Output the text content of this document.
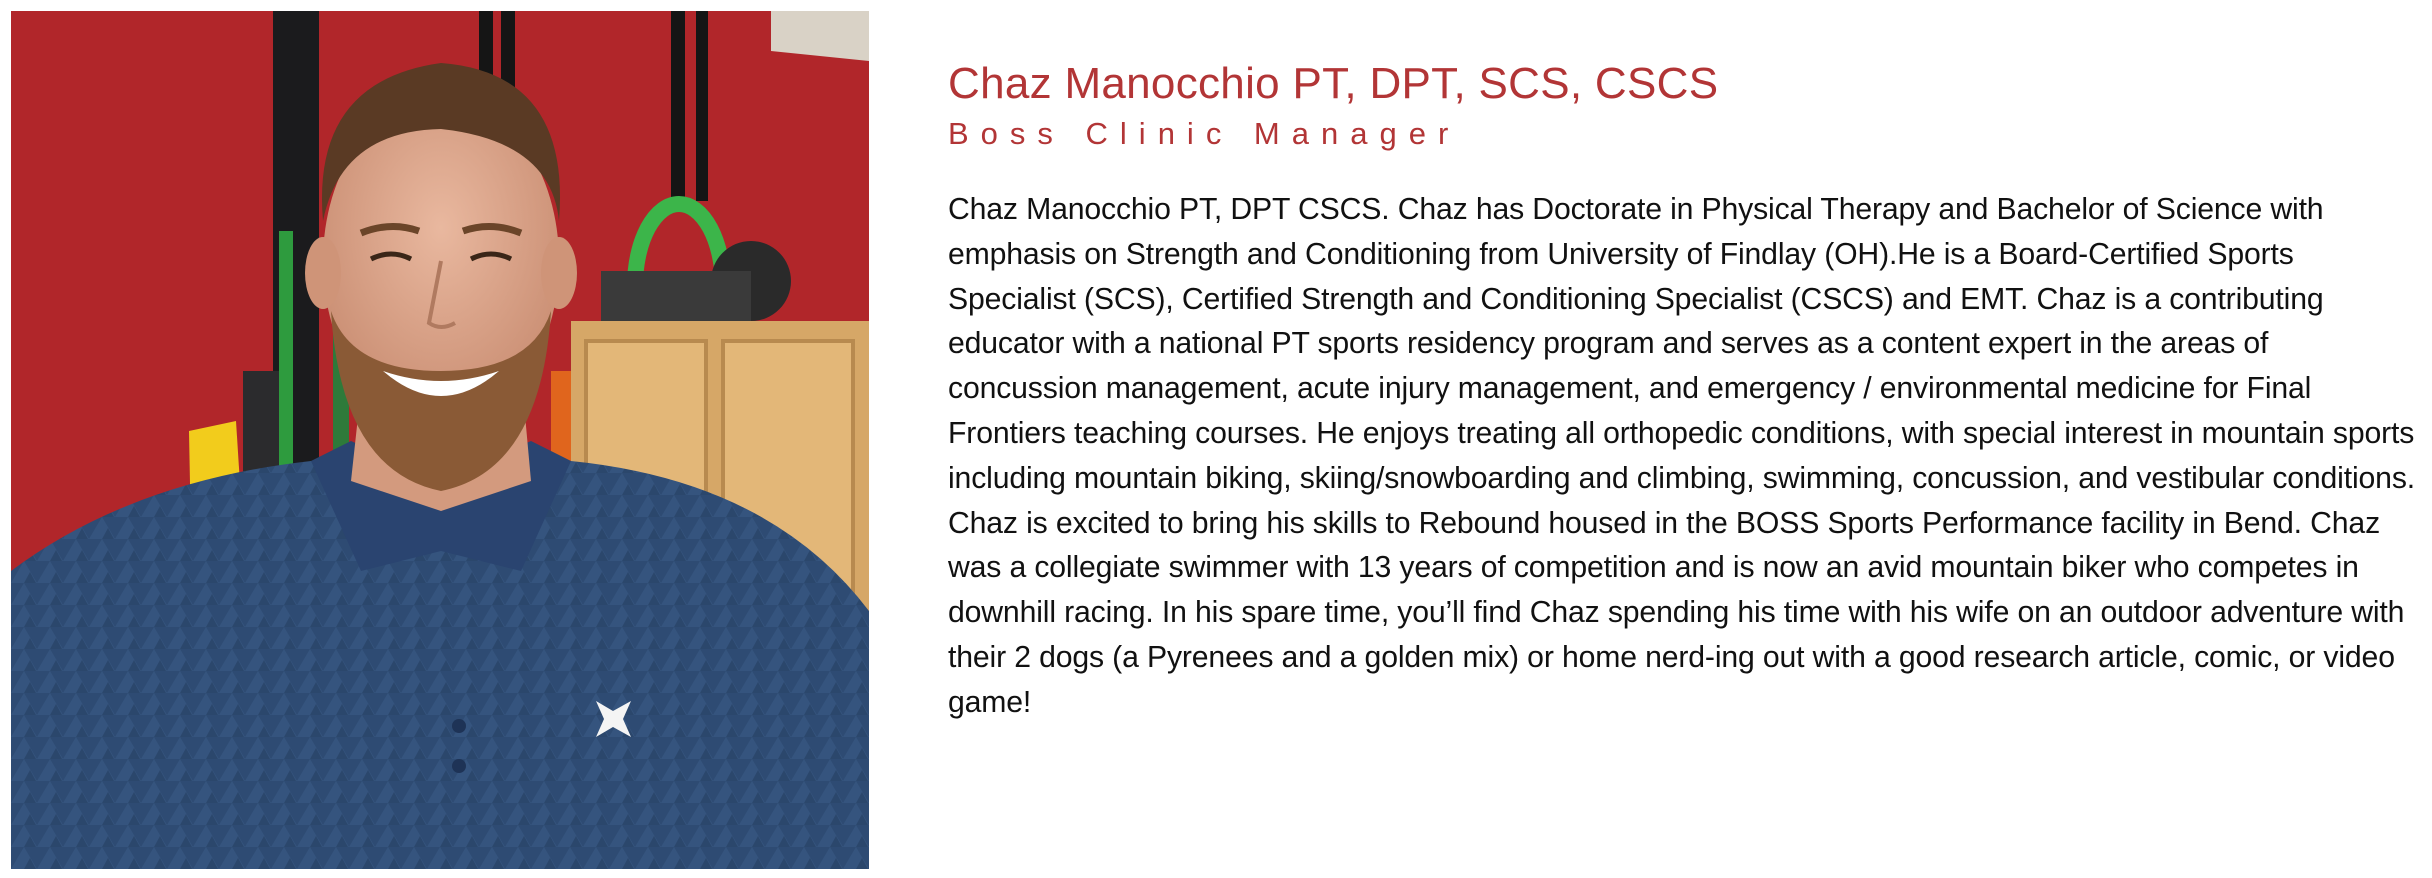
Chaz Manocchio PT, DPT, SCS, CSCS
Boss Clinic Manager

Chaz Manocchio PT, DPT CSCS. Chaz has Doctorate in Physical Therapy and Bachelor of Science with emphasis on Strength and Conditioning from University of Findlay (OH).He is a Board-Certified Sports Specialist (SCS), Certified Strength and Conditioning Specialist (CSCS) and EMT. Chaz is a contributing educator with a national PT sports residency program and serves as a content expert in the areas of concussion management, acute injury management, and emergency / environmental medicine for Final Frontiers teaching courses. He enjoys treating all orthopedic conditions, with special interest in mountain sports including mountain biking, skiing/snowboarding and climbing, swimming, concussion, and vestibular conditions. Chaz is excited to bring his skills to Rebound housed in the BOSS Sports Performance facility in Bend. Chaz was a collegiate swimmer with 13 years of competition and is now an avid mountain biker who competes in downhill racing. In his spare time, you’ll find Chaz spending his time with his wife on an outdoor adventure with their 2 dogs (a Pyrenees and a golden mix) or home nerd-ing out with a good research article, comic, or video game!
